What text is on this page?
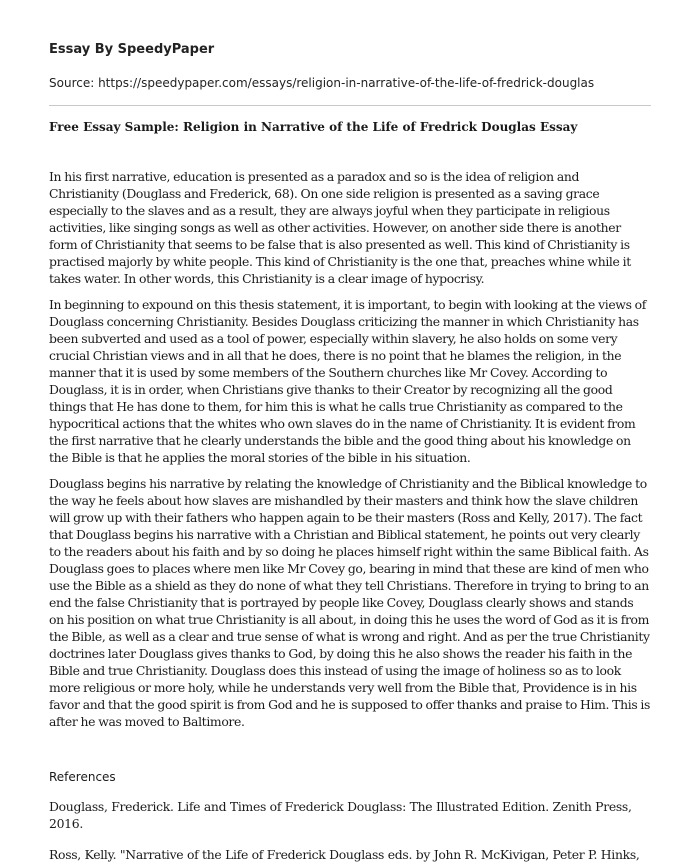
Essay By SpeedyPaper

Source: https://speedypaper.com/essays/religion-in-narrative-of-the-life-of-fredrick-douglas

Free Essay Sample: Religion in Narrative of the Life of Fredrick Douglas Essay

In his first narrative, education is presented as a paradox and so is the idea of religion and Christianity (Douglass and Frederick, 68). On one side religion is presented as a saving grace especially to the slaves and as a result, they are always joyful when they participate in religious activities, like singing songs as well as other activities. However, on another side there is another form of Christianity that seems to be false that is also presented as well. This kind of Christianity is practised majorly by white people. This kind of Christianity is the one that, preaches whine while it takes water. In other words, this Christianity is a clear image of hypocrisy.

In beginning to expound on this thesis statement, it is important, to begin with looking at the views of Douglass concerning Christianity. Besides Douglass criticizing the manner in which Christianity has been subverted and used as a tool of power, especially within slavery, he also holds on some very crucial Christian views and in all that he does, there is no point that he blames the religion, in the manner that it is used by some members of the Southern churches like Mr Covey. According to Douglass, it is in order, when Christians give thanks to their Creator by recognizing all the good things that He has done to them, for him this is what he calls true Christianity as compared to the hypocritical actions that the whites who own slaves do in the name of Christianity. It is evident from the first narrative that he clearly understands the bible and the good thing about his knowledge on the Bible is that he applies the moral stories of the bible in his situation.

Douglass begins his narrative by relating the knowledge of Christianity and the Biblical knowledge to the way he feels about how slaves are mishandled by their masters and think how the slave children will grow up with their fathers who happen again to be their masters (Ross and Kelly, 2017). The fact that Douglass begins his narrative with a Christian and Biblical statement, he points out very clearly to the readers about his faith and by so doing he places himself right within the same Biblical faith. As Douglass goes to places where men like Mr Covey go, bearing in mind that these are kind of men who use the Bible as a shield as they do none of what they tell Christians. Therefore in trying to bring to an end the false Christianity that is portrayed by people like Covey, Douglass clearly shows and stands on his position on what true Christianity is all about, in doing this he uses the word of God as it is from the Bible, as well as a clear and true sense of what is wrong and right. And as per the true Christianity doctrines later Douglass gives thanks to God, by doing this he also shows the reader his faith in the Bible and true Christianity. Douglass does this instead of using the image of holiness so as to look more religious or more holy, while he understands very well from the Bible that, Providence is in his favor and that the good spirit is from God and he is supposed to offer thanks and praise to Him. This is after he was moved to Baltimore.

References

Douglass, Frederick. Life and Times of Frederick Douglass: The Illustrated Edition. Zenith Press, 2016.

Ross, Kelly. "Narrative of the Life of Frederick Douglass eds. by John R. McKivigan, Peter P. Hinks,
